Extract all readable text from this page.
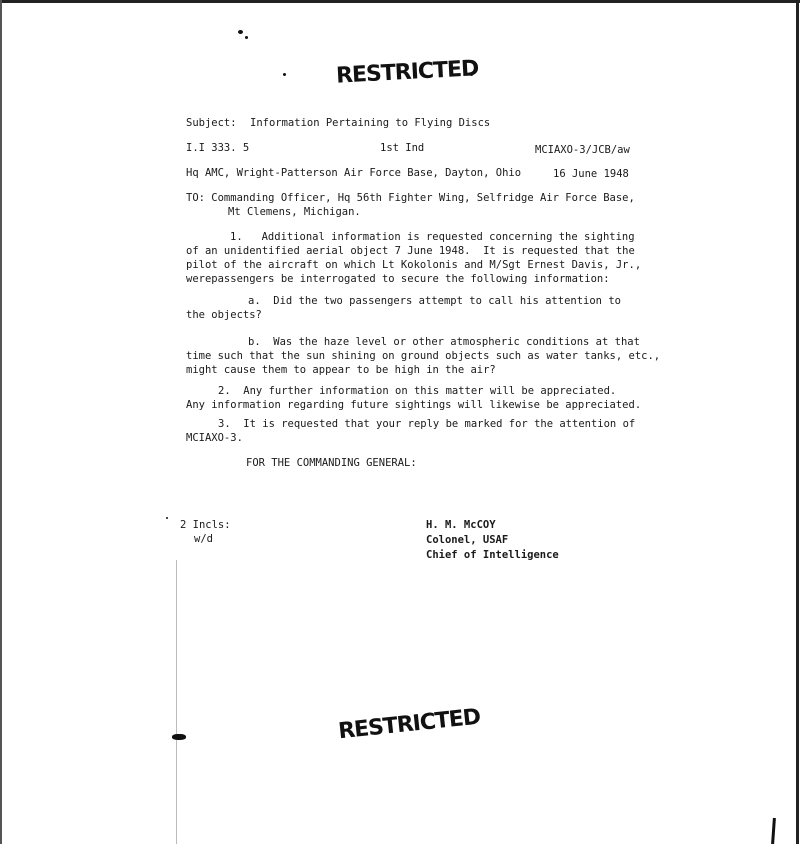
RESTRICTED
Subject: Information Pertaining to Flying Discs
I.I 333. 5	1st Ind	MCIAXO-3/JCB/aw
Hq AMC, Wright-Patterson Air Force Base, Dayton, Ohio	16 June 1948
TO: Commanding Officer, Hq 56th Fighter Wing, Selfridge Air Force Base,
Mt Clemens, Michigan.
1.   Additional information is requested concerning the sighting
of an unidentified aerial object 7 June 1948.  It is requested that the
pilot of the aircraft on which Lt Kokolonis and M/Sgt Ernest Davis, Jr.,
werepassengers be interrogated to secure the following information:
a.  Did the two passengers attempt to call his attention to
the objects?
b.  Was the haze level or other atmospheric conditions at that
time such that the sun shining on ground objects such as water tanks, etc.,
might cause them to appear to be high in the air?
2.  Any further information on this matter will be appreciated.
Any information regarding future sightings will likewise be appreciated.
3.  It is requested that your reply be marked for the attention of
MCIAXO-3.
FOR THE COMMANDING GENERAL:
2 Incls:
w/d
H. M. McCOY
Colonel, USAF
Chief of Intelligence
RESTRICTED
